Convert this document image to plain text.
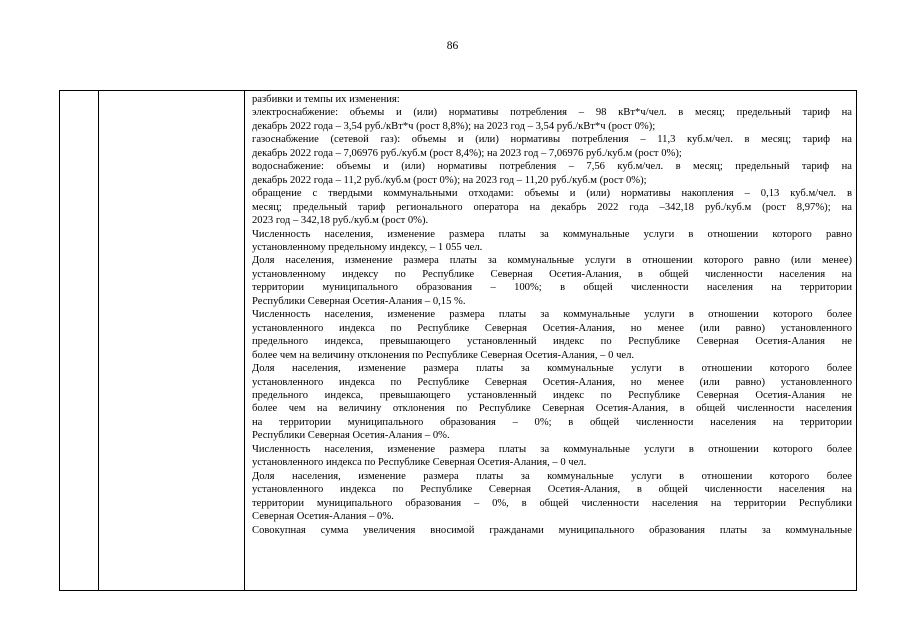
86
разбивки и темпы их изменения:
электроснабжение: объемы и (или) нормативы потребления – 98 кВт*ч/чел. в месяц; предельный тариф на
декабрь 2022 года – 3,54 руб./кВт*ч (рост 8,8%); на 2023 год – 3,54 руб./кВт*ч (рост 0%);
газоснабжение (сетевой газ): объемы и (или) нормативы потребления – 11,3 куб.м/чел. в месяц; тариф на
декабрь 2022 года – 7,06976 руб./куб.м (рост 8,4%); на 2023 год – 7,06976 руб./куб.м (рост 0%);
водоснабжение: объемы и (или) нормативы потребления – 7,56 куб.м/чел. в месяц; предельный тариф на
декабрь 2022 года – 11,2 руб./куб.м (рост 0%); на 2023 год – 11,20 руб./куб.м (рост 0%);
обращение с твердыми коммунальными отходами: объемы и (или) нормативы накопления – 0,13 куб.м/чел. в
месяц; предельный тариф регионального оператора на декабрь 2022 года –342,18 руб./куб.м (рост 8,97%); на
2023 год – 342,18 руб./куб.м (рост 0%).
Численность населения, изменение размера платы за коммунальные услуги в отношении которого равно
установленному предельному индексу, – 1 055 чел.
Доля населения, изменение размера платы за коммунальные услуги в отношении которого равно (или менее)
установленному индексу по Республике Северная Осетия-Алания, в общей численности населения на
территории муниципального образования – 100%; в общей численности населения на территории
Республики Северная Осетия-Алания – 0,15 %.
Численность населения, изменение размера платы за коммунальные услуги в отношении которого более
установленного индекса по Республике Северная Осетия-Алания, но менее (или равно) установленного
предельного индекса, превышающего установленный индекс по Республике Северная Осетия-Алания не
более чем на величину отклонения по Республике Северная Осетия-Алания, – 0 чел.
Доля населения, изменение размера платы за коммунальные услуги в отношении которого более
установленного индекса по Республике Северная Осетия-Алания, но менее (или равно) установленного
предельного индекса, превышающего установленный индекс по Республике Северная Осетия-Алания не
более чем на величину отклонения по Республике Северная Осетия-Алания, в общей численности населения
на территории муниципального образования – 0%; в общей численности населения на территории
Республики Северная Осетия-Алания – 0%.
Численность населения, изменение размера платы за коммунальные услуги в отношении которого более
установленного индекса по Республике Северная Осетия-Алания, – 0 чел.
Доля населения, изменение размера платы за коммунальные услуги в отношении которого более
установленного индекса по Республике Северная Осетия-Алания, в общей численности населения на
территории муниципального образования – 0%, в общей численности населения на территории Республики
Северная Осетия-Алания – 0%.
Совокупная сумма увеличения вносимой гражданами муниципального образования платы за коммунальные
